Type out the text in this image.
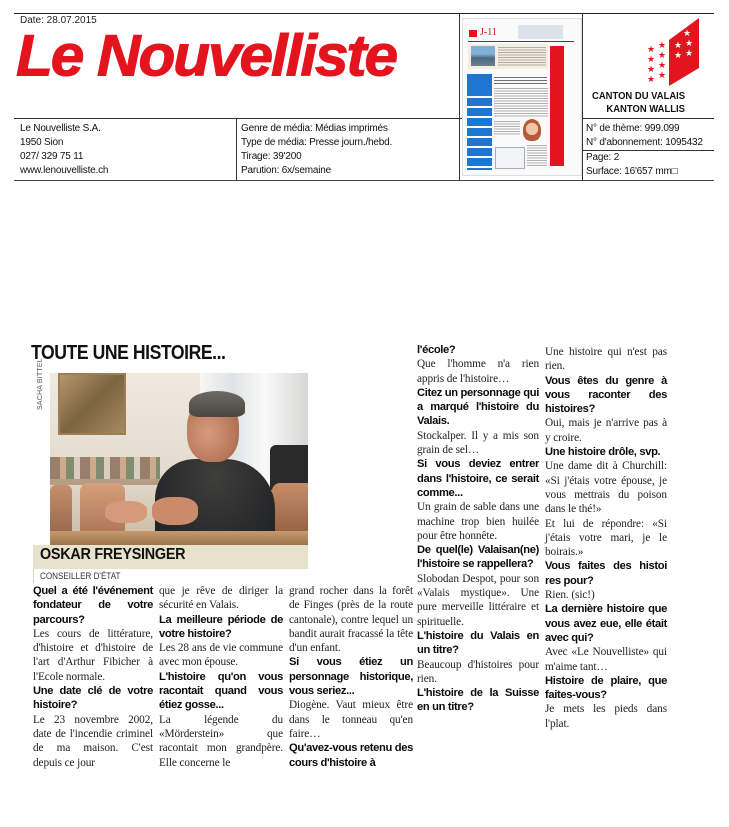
Date: 28.07.2015
Le Nouvelliste
Le Nouvelliste S.A.
1950 Sion
027/ 329 75 11
www.lenouvelliste.ch
Genre de média: Médias imprimés
Type de média: Presse journ./hebd.
Tirage: 39'200
Parution: 6x/semaine
J-11
★
★
★
★
★
★
★
★
★
★ ★
★ ★
CANTON DU VALAIS
KANTON WALLIS
N° de thème: 999.099
N° d'abonnement: 1095432
Page: 2
Surface: 16'657 mm□
TOUTE UNE HISTOIRE...
SACHA BITTEL
OSKAR FREYSINGER
CONSEILLER D'ÉTAT

Quel a été l'événement fondateur de votre parcours?

Les cours de littérature, d'histoire et d'histoire de l'art d'Arthur Fibicher à l'Ecole normale.

Une date clé de votre histoire?

Le 23 novembre 2002, date de l'incendie criminel de ma maison. C'est depuis ce jour

que je rêve de diriger la sécurité en Valais.

La meilleure période de votre histoire?

Les 28 ans de vie commune avec mon épouse.

L'histoire qu'on vous racontait quand vous étiez gosse...

La légende du «Mörderstein» que racontait mon grandpère. Elle concerne le

grand rocher dans la forêt de Finges (près de la route cantonale), contre lequel un bandit aurait fracassé la tête d'un enfant.

Si vous étiez un personnage historique, vous seriez...

Diogène. Vaut mieux être dans le tonneau qu'en faire…

Qu'avez-vous retenu des cours d'histoire à

l'école?

Que l'homme n'a rien appris de l'histoire…

Citez un personnage qui a marqué l'histoire du Valais.

Stockalper. Il y a mis son grain de sel…

Si vous deviez entrer dans l'histoire, ce serait comme...

Un grain de sable dans une machine trop bien huilée pour être honnête.

De quel(le) Valaisan(ne) l'histoire se rappellera?

Slobodan Despot, pour son «Valais mystique». Une pure merveille littéraire et spirituelle.

L'histoire du Valais en un titre?

Beaucoup d'histoires pour rien.

L'histoire de la Suisse en un titre?

Une histoire qui n'est pas rien.

Vous êtes du genre à vous raconter des histoires?

Oui, mais je n'arrive pas à y croire.

Une histoire drôle, svp.

Une dame dit à Churchill: «Si j'étais votre épouse, je vous mettrais du poison dans le thé!»

Et lui de répondre: «Si j'étais votre mari, je le boirais.»

Vous faites des histoi res pour?

Rien. (sic!)

La dernière histoire que vous avez eue, elle était avec qui?

Avec «Le Nouvelliste» qui m'aime tant…

Histoire de plaire, que faites-vous?

Je mets les pieds dans l'plat.
